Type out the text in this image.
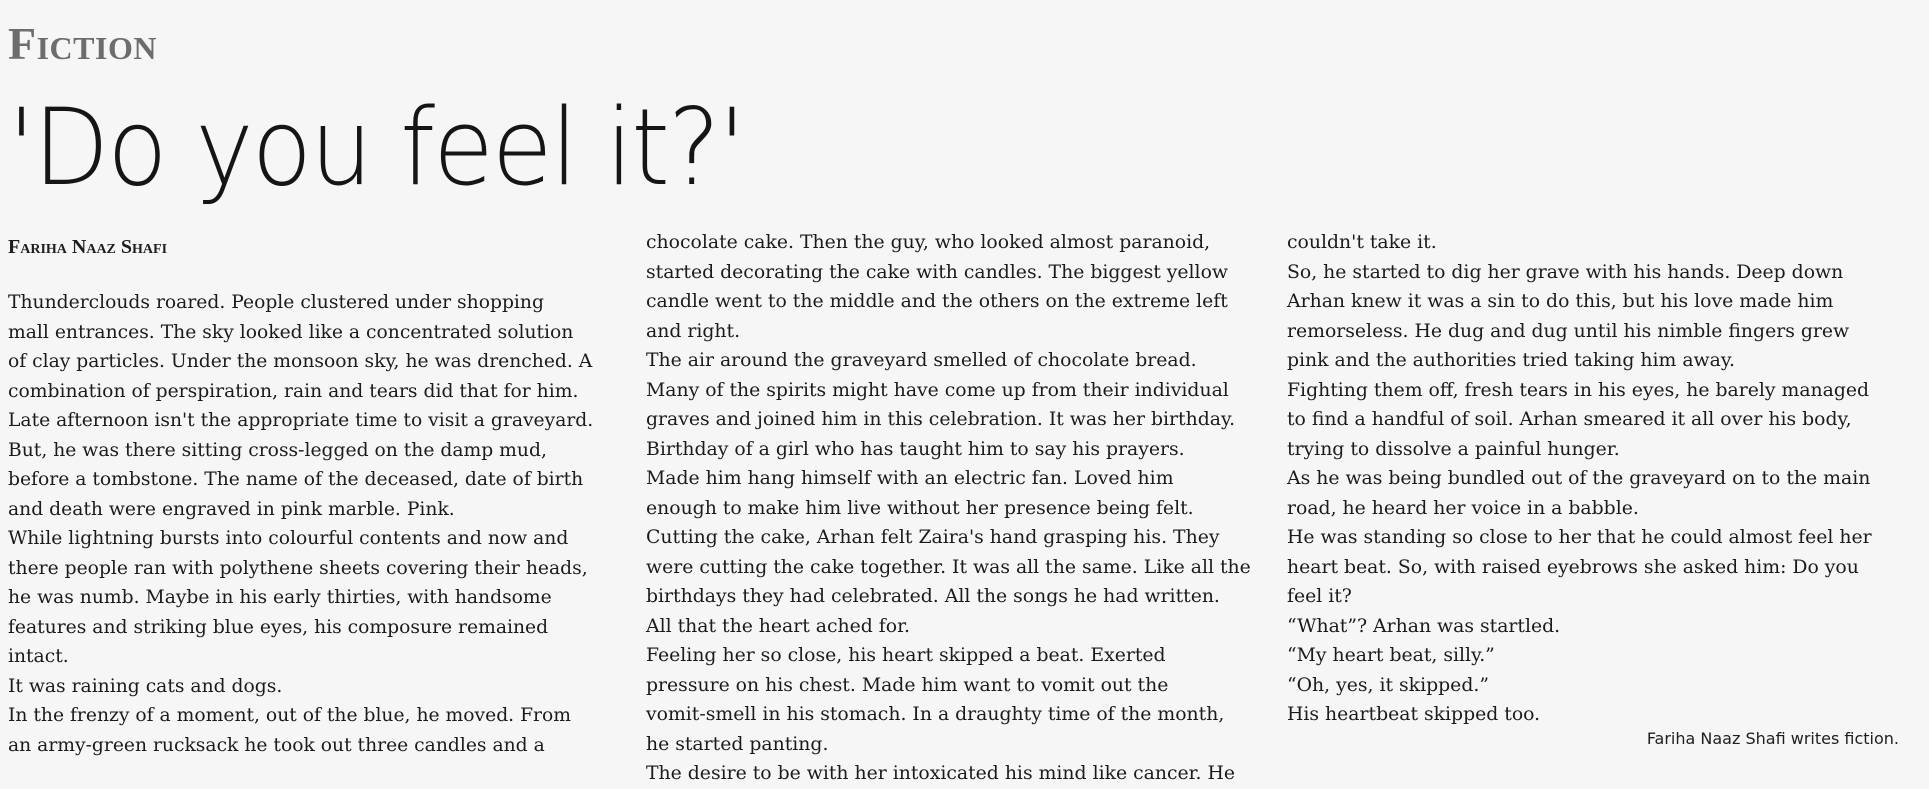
Fiction
'Do you feel it?'
Fariha Naaz Shafi
Thunderclouds roared. People clustered under shopping
mall entrances. The sky looked like a concentrated solution
of clay particles. Under the monsoon sky, he was drenched. A
combination of perspiration, rain and tears did that for him.
Late afternoon isn't the appropriate time to visit a graveyard.
But, he was there sitting cross-legged on the damp mud,
before a tombstone. The name of the deceased, date of birth
and death were engraved in pink marble. Pink.
While lightning bursts into colourful contents and now and
there people ran with polythene sheets covering their heads,
he was numb. Maybe in his early thirties, with handsome
features and striking blue eyes, his composure remained
intact.
It was raining cats and dogs.
In the frenzy of a moment, out of the blue, he moved. From
an army-green rucksack he took out three candles and a
chocolate cake. Then the guy, who looked almost paranoid,
started decorating the cake with candles. The biggest yellow
candle went to the middle and the others on the extreme left
and right.
The air around the graveyard smelled of chocolate bread.
Many of the spirits might have come up from their individual
graves and joined him in this celebration. It was her birthday.
Birthday of a girl who has taught him to say his prayers.
Made him hang himself with an electric fan. Loved him
enough to make him live without her presence being felt.
Cutting the cake, Arhan felt Zaira's hand grasping his. They
were cutting the cake together. It was all the same. Like all the
birthdays they had celebrated. All the songs he had written.
All that the heart ached for.
Feeling her so close, his heart skipped a beat. Exerted
pressure on his chest. Made him want to vomit out the
vomit-smell in his stomach. In a draughty time of the month,
he started panting.
The desire to be with her intoxicated his mind like cancer. He
couldn't take it.
So, he started to dig her grave with his hands. Deep down
Arhan knew it was a sin to do this, but his love made him
remorseless. He dug and dug until his nimble fingers grew
pink and the authorities tried taking him away.
Fighting them off, fresh tears in his eyes, he barely managed
to find a handful of soil. Arhan smeared it all over his body,
trying to dissolve a painful hunger.
As he was being bundled out of the graveyard on to the main
road, he heard her voice in a babble.
He was standing so close to her that he could almost feel her
heart beat. So, with raised eyebrows she asked him: Do you
feel it?
“What”? Arhan was startled.
“My heart beat, silly.”
“Oh, yes, it skipped.”
His heartbeat skipped too.
Fariha Naaz Shafi writes fiction.
